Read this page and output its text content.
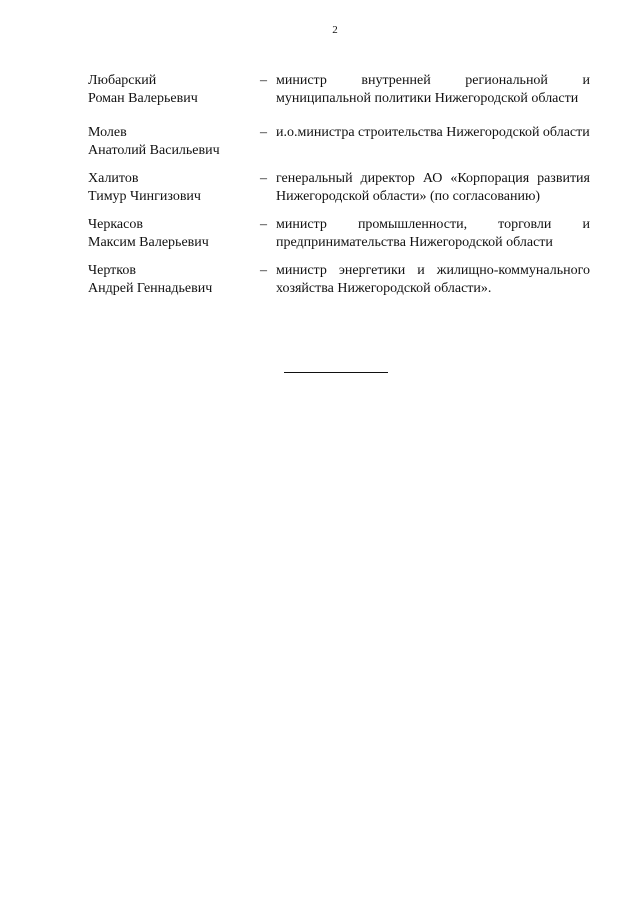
2
Любарский
Роман Валерьевич
– министр внутренней региональной и муниципальной политики Нижегородской области
Молев
Анатолий Васильевич
– и.о.министра строительства Нижегородской области
Халитов
Тимур Чингизович
– генеральный директор АО «Корпорация развития Нижегородской области» (по согласованию)
Черкасов
Максим Валерьевич
– министр промышленности, торговли и предпринимательства Нижегородской области
Чертков
Андрей Геннадьевич
– министр энергетики и жилищно-коммунального хозяйства Нижегородской области».
